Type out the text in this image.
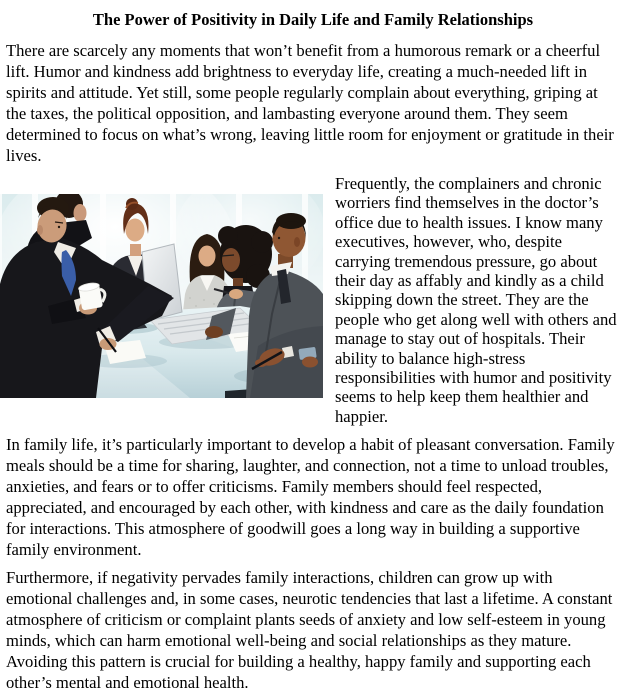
The Power of Positivity in Daily Life and Family Relationships

There are scarcely any moments that won’t benefit from a humorous remark or a cheerful lift. Humor and kindness add brightness to everyday life, creating a much-needed lift in spirits and attitude. Yet still, some people regularly complain about everything, griping at the taxes, the political opposition, and lambasting everyone around them. They seem determined to focus on what’s wrong, leaving little room for enjoyment or gratitude in their lives.

Frequently, the complainers and chronic worriers find themselves in the doctor’s office due to health issues. I know many executives, however, who, despite carrying tremendous pressure, go about their day as affably and kindly as a child skipping down the street. They are the people who get along well with others and manage to stay out of hospitals. Their ability to balance high-stress responsibilities with humor and positivity seems to help keep them healthier and happier.

In family life, it’s particularly important to develop a habit of pleasant conversation. Family meals should be a time for sharing, laughter, and connection, not a time to unload troubles, anxieties, and fears or to offer criticisms. Family members should feel respected, appreciated, and encouraged by each other, with kindness and care as the daily foundation for interactions. This atmosphere of goodwill goes a long way in building a supportive family environment.

Furthermore, if negativity pervades family interactions, children can grow up with emotional challenges and, in some cases, neurotic tendencies that last a lifetime. A constant atmosphere of criticism or complaint plants seeds of anxiety and low self-esteem in young minds, which can harm emotional well-being and social relationships as they mature. Avoiding this pattern is crucial for building a healthy, happy family and supporting each other’s mental and emotional health.
